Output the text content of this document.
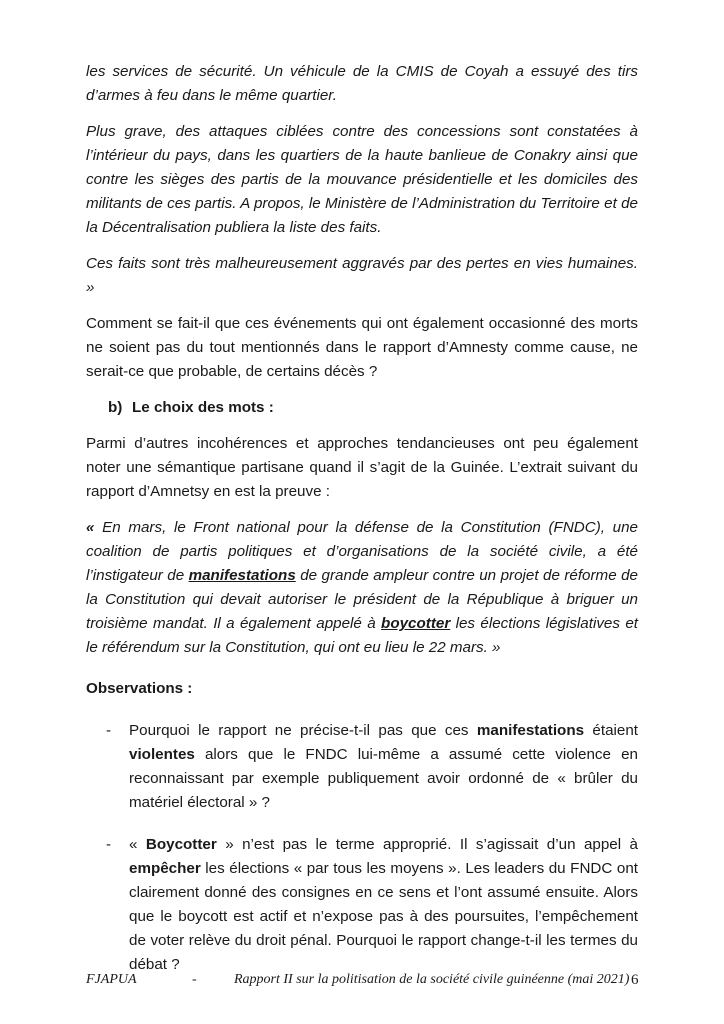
les services de sécurité. Un véhicule de la CMIS de Coyah a essuyé des tirs d’armes à feu dans le même quartier.

Plus grave, des attaques ciblées contre des concessions sont constatées à l’intérieur du pays, dans les quartiers de la haute banlieue de Conakry ainsi que contre les sièges des partis de la mouvance présidentielle et les domiciles des militants de ces partis. A propos, le Ministère de l’Administration du Territoire et de la Décentralisation publiera la liste des faits.

Ces faits sont très malheureusement aggravés par des pertes en vies humaines. »

Comment se fait-il que ces événements qui ont également occasionné des morts ne soient pas du tout mentionnés dans le rapport d’Amnesty comme cause, ne serait-ce que probable, de certains décès ?

b) Le choix des mots :

Parmi d’autres incohérences et approches tendancieuses ont peu également noter une sémantique partisane quand il s’agit de la Guinée. L’extrait suivant du rapport d’Amnetsy en est la preuve :

« En mars, le Front national pour la défense de la Constitution (FNDC), une coalition de partis politiques et d’organisations de la société civile, a été l’instigateur de manifestations de grande ampleur contre un projet de réforme de la Constitution qui devait autoriser le président de la République à briguer un troisième mandat. Il a également appelé à boycotter les élections législatives et le référendum sur la Constitution, qui ont eu lieu le 22 mars. »

Observations :
- Pourquoi le rapport ne précise-t-il pas que ces manifestations étaient violentes alors que le FNDC lui-même a assumé cette violence en reconnaissant par exemple publiquement avoir ordonné de « brûler du matériel électoral » ?
- « Boycotter » n’est pas le terme approprié. Il s’agissait d’un appel à empêcher les élections « par tous les moyens ». Les leaders du FNDC ont clairement donné des consignes en ce sens et l’ont assumé ensuite. Alors que le boycott est actif et n’expose pas à des poursuites, l’empêchement de voter relève du droit pénal. Pourquoi le rapport change-t-il les termes du débat ?
FJAPUA	-	Rapport II sur la politisation de la société civile guinéenne (mai 2021) 6
